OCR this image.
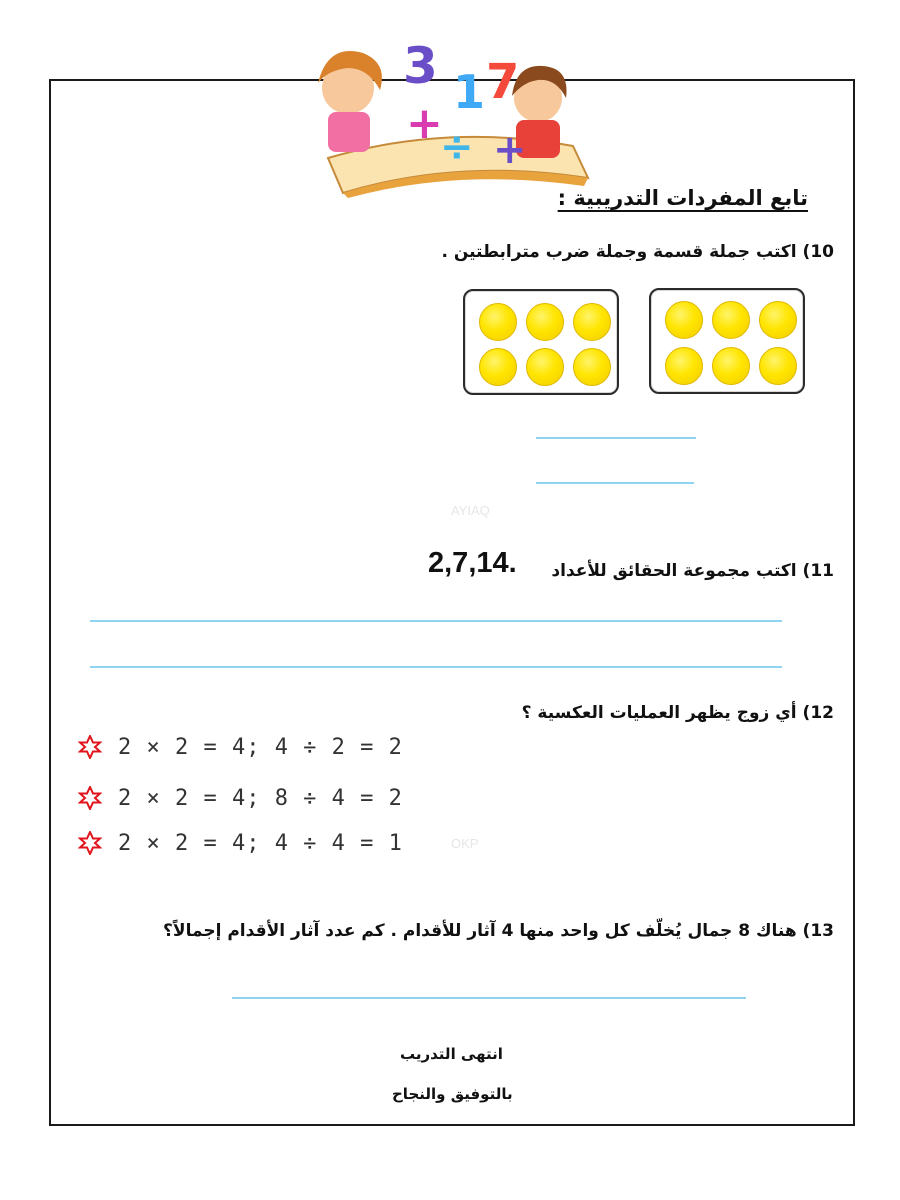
3 1 7
+
÷ +
تابع المفردات التدريبية :
10) اكتب جملة قسمة وجملة ضرب مترابطتين .
AYIAQ
2,7,14. 11) اكتب مجموعة الحقائق للأعداد
12) أي زوج يظهر العمليات العكسية ؟
2 × 2 = 4; 4 ÷ 2 = 2
2 × 2 = 4; 8 ÷ 4 = 2
2 × 2 = 4; 4 ÷ 4 = 1	OKP
13) هناك 8 جمال يُخلّف كل واحد منها 4 آثار للأقدام . كم عدد آثار الأقدام إجمالاً؟
انتهى التدريب
بالتوفيق والنجاح
